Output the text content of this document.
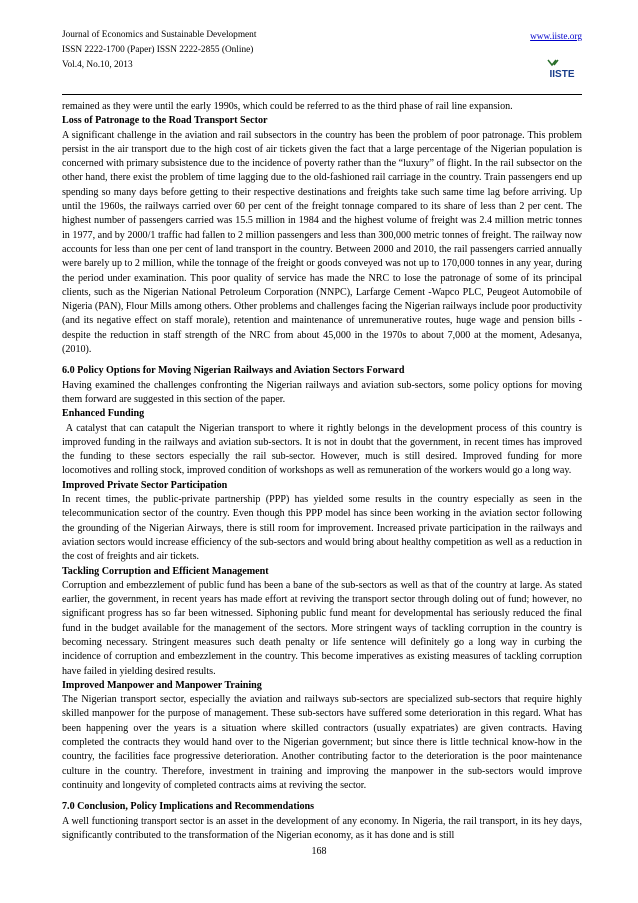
Journal of Economics and Sustainable Development
ISSN 2222-1700 (Paper) ISSN 2222-2855 (Online)
Vol.4, No.10, 2013
www.iiste.org
IISTE

remained as they were until the early 1990s, which could be referred to as the third phase of rail line expansion.

Loss of Patronage to the Road Transport Sector

A significant challenge in the aviation and rail subsectors in the country has been the problem of poor patronage. This problem persist in the air transport due to the high cost of air tickets given the fact that a large percentage of the Nigerian population is concerned with primary subsistence due to the incidence of poverty rather than the “luxury” of flight. In the rail subsector on the other hand, there exist the problem of time lagging due to the old-fashioned rail carriage in the country. Train passengers end up spending so many days before getting to their respective destinations and freights take such same time lag before arriving. Up until the 1960s, the railways carried over 60 per cent of the freight tonnage compared to its share of less than 2 per cent. The highest number of passengers carried was 15.5 million in 1984 and the highest volume of freight was 2.4 million metric tonnes in 1977, and by 2000/1 traffic had fallen to 2 million passengers and less than 300,000 metric tonnes of freight. The railway now accounts for less than one per cent of land transport in the country. Between 2000 and 2010, the rail passengers carried annually were barely up to 2 million, while the tonnage of the freight or goods conveyed was not up to 170,000 tonnes in any year, during the period under examination. This poor quality of service has made the NRC to lose the patronage of some of its principal clients, such as the Nigerian National Petroleum Corporation (NNPC), Larfarge Cement -Wapco PLC, Peugeot Automobile of Nigeria (PAN), Flour Mills among others. Other problems and challenges facing the Nigerian railways include poor productivity (and its negative effect on staff morale), retention and maintenance of unremunerative routes, huge wage and pension bills - despite the reduction in staff strength of the NRC from about 45,000 in the 1970s to about 7,000 at the moment, Adesanya, (2010).

6.0 Policy Options for Moving Nigerian Railways and Aviation Sectors Forward

Having examined the challenges confronting the Nigerian railways and aviation sub-sectors, some policy options for moving them forward are suggested in this section of the paper.

Enhanced Funding

A catalyst that can catapult the Nigerian transport to where it rightly belongs in the development process of this country is improved funding in the railways and aviation sub-sectors. It is not in doubt that the government, in recent times has improved the funding to these sectors especially the rail sub-sector. However, much is still desired. Improved funding for more locomotives and rolling stock, improved condition of workshops as well as remuneration of the workers would go a long way.

Improved Private Sector Participation

In recent times, the public-private partnership (PPP) has yielded some results in the country especially as seen in the telecommunication sector of the country. Even though this PPP model has since been working in the aviation sector following the grounding of the Nigerian Airways, there is still room for improvement. Increased private participation in the railways and aviation sectors would increase efficiency of the sub-sectors and would bring about healthy competition as well as a reduction in the cost of freights and air tickets.

Tackling Corruption and Efficient Management

Corruption and embezzlement of public fund has been a bane of the sub-sectors as well as that of the country at large. As stated earlier, the government, in recent years has made effort at reviving the transport sector through doling out of fund; however, no significant progress has so far been witnessed. Siphoning public fund meant for developmental has seriously reduced the final fund in the budget available for the management of the sectors. More stringent ways of tackling corruption in the country is becoming necessary. Stringent measures such death penalty or life sentence will definitely go a long way in curbing the incidence of corruption and embezzlement in the country. This become imperatives as existing measures of tackling corruption have failed in yielding desired results.

Improved Manpower and Manpower Training

The Nigerian transport sector, especially the aviation and railways sub-sectors are specialized sub-sectors that require highly skilled manpower for the purpose of management. These sub-sectors have suffered some deterioration in this regard. What has been happening over the years is a situation where skilled contractors (usually expatriates) are given contracts. Having completed the contracts they would hand over to the Nigerian government; but since there is little technical know-how in the country, the facilities face progressive deterioration. Another contributing factor to the deterioration is the poor maintenance culture in the country. Therefore, investment in training and improving the manpower in the sub-sectors would improve continuity and longevity of completed contracts aims at reviving the sector.

7.0 Conclusion, Policy Implications and Recommendations

A well functioning transport sector is an asset in the development of any economy. In Nigeria, the rail transport, in its hey days, significantly contributed to the transformation of the Nigerian economy, as it has done and is still

168
